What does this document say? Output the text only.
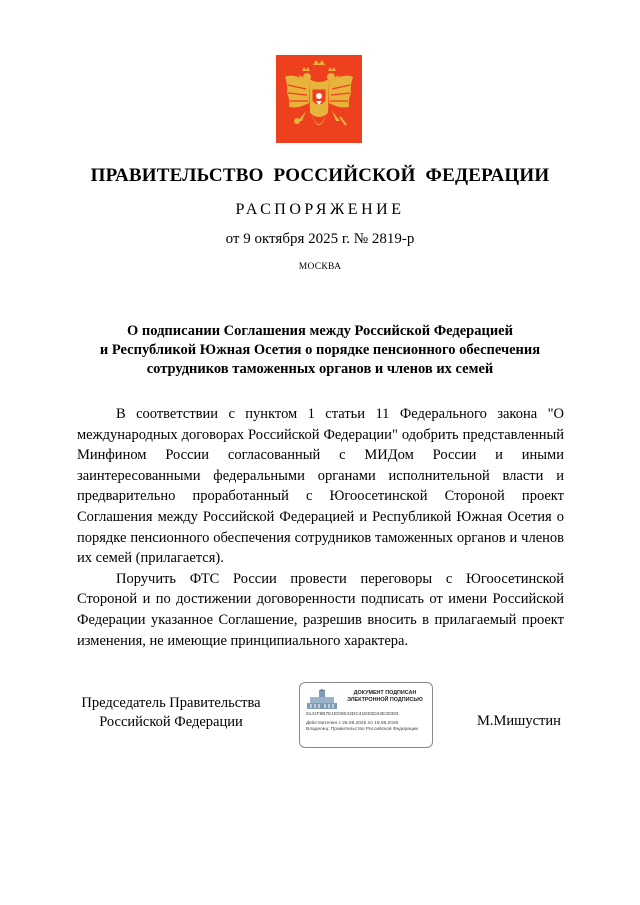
ПРАВИТЕЛЬСТВО РОССИЙСКОЙ ФЕДЕРАЦИИ
РАСПОРЯЖЕНИЕ
от 9 октября 2025 г. № 2819-р
МОСКВА
О подписании Соглашения между Российской Федерацией
и Республикой Южная Осетия о порядке пенсионного обеспечения
сотрудников таможенных органов и членов их семей

В соответствии с пунктом 1 статьи 11 Федерального закона "О международных договорах Российской Федерации" одобрить представленный Минфином России согласованный с МИДом России и иными заинтересованными федеральными органами исполнительной власти и предварительно проработанный с Югоосетинской Стороной проект Соглашения между Российской Федерацией и Республикой Южная Осетия о порядке пенсионного обеспечения сотрудников таможенных органов и членов их семей (прилагается).

Поручить ФТС России провести переговоры с Югоосетинской Стороной и по достижении договоренности подписать от имени Российской Федерации указанное Соглашение, разрешив вносить в прилагаемый проект изменения, не имеющие принципиального характера.

Председатель Правительства
Российской Федерации
ДОКУМЕНТ ПОДПИСАН
ЭЛЕКТРОННОЙ ПОДПИСЬЮ
5141F8B7E1ED6E42DC41EE5D43E30383
Действителен с 26.06.2025 по 19.09.2026
Владелец: Правительство Российской Федерации
М.Мишустин
